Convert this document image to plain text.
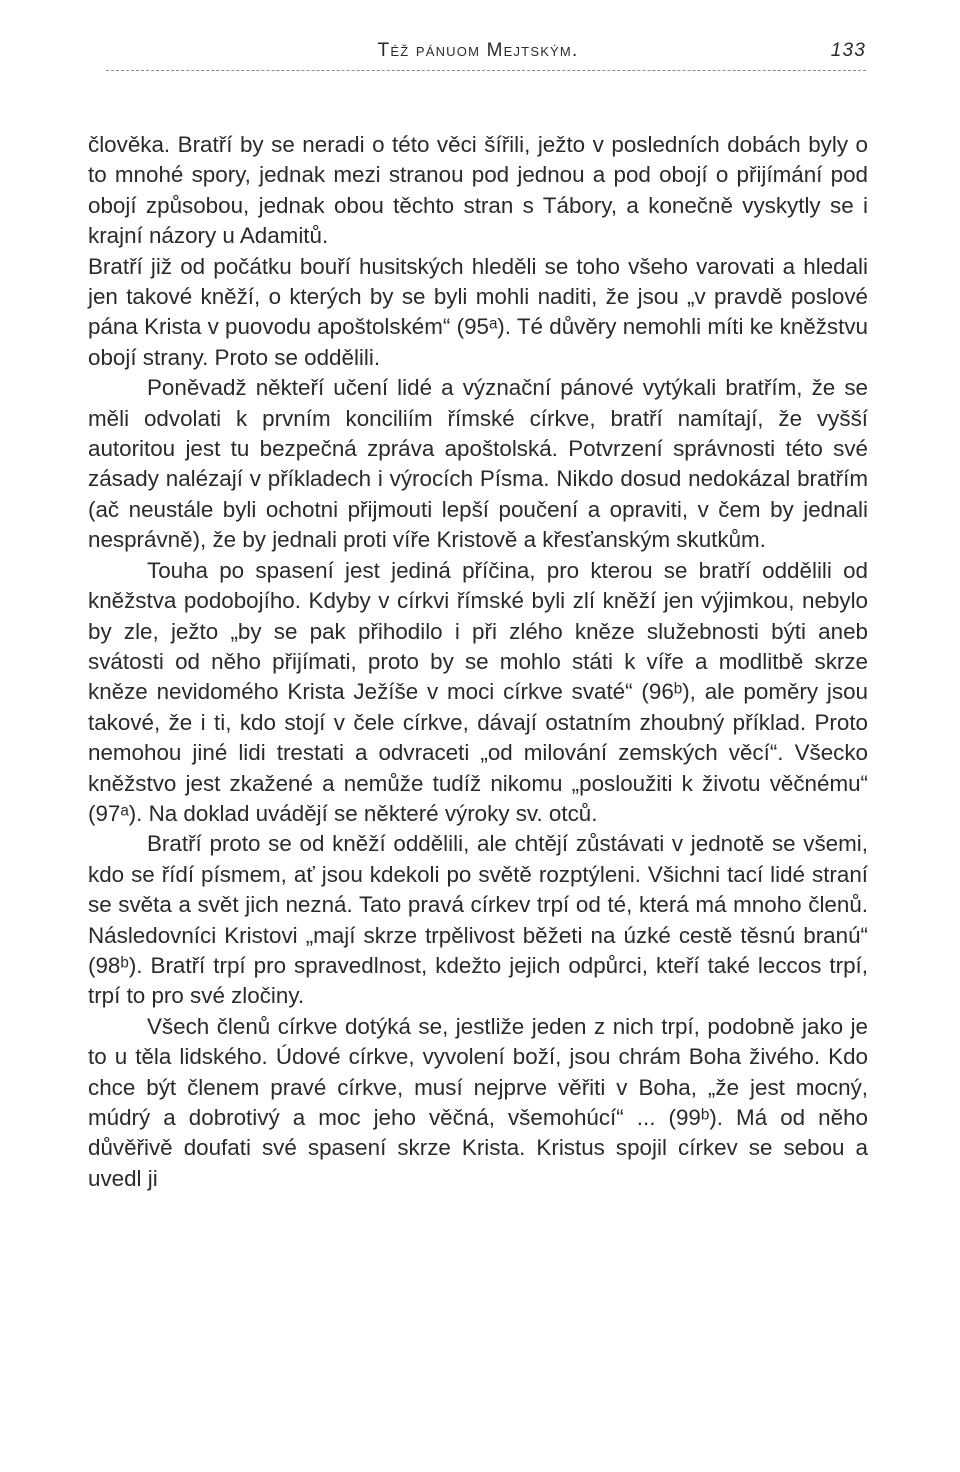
Též pánuom Mejtským.	133

člověka. Bratří by se neradi o této věci šířili, ježto v posledních dobách byly o to mnohé spory, jednak mezi stranou pod jednou a pod obojí o přijímání pod obojí způsobou, jednak obou těchto stran s Tábory, a konečně vyskytly se i krajní názory u Adamitů.

Bratří již od počátku bouří husitských hleděli se toho všeho varovati a hledali jen takové kněží, o kterých by se byli mohli naditi, že jsou „v pravdě poslové pána Krista v puovodu apoštolském“ (95ᵃ). Té důvěry nemohli míti ke kněžstvu obojí strany. Proto se oddělili.

Poněvadž někteří učení lidé a význační pánové vytýkali bratřím, že se měli odvolati k prvním konciliím římské církve, bratří namítají, že vyšší autoritou jest tu bezpečná zpráva apoštolská. Potvrzení správnosti této své zásady nalézají v příkladech i výrocích Písma. Nikdo dosud nedokázal bratřím (ač neustále byli ochotni přijmouti lepší poučení a opraviti, v čem by jednali nesprávně), že by jednali proti víře Kristově a křesťanským skutkům.

Touha po spasení jest jediná příčina, pro kterou se bratří oddělili od kněžstva podobojího. Kdyby v církvi římské byli zlí kněží jen výjimkou, nebylo by zle, ježto „by se pak přihodilo i při zlého kněze služebnosti býti aneb svátosti od něho přijímati, proto by se mohlo státi k víře a modlitbě skrze kněze nevidomého Krista Ježíše v moci církve svaté“ (96ᵇ), ale poměry jsou takové, že i ti, kdo stojí v čele církve, dávají ostatním zhoubný příklad. Proto nemohou jiné lidi trestati a odvraceti „od milování zemských věcí“. Všecko kněžstvo jest zkažené a nemůže tudíž nikomu „posloužiti k životu věčnému“ (97ᵃ). Na doklad uvádějí se některé výroky sv. otců.

Bratří proto se od kněží oddělili, ale chtějí zůstávati v jednotě se všemi, kdo se řídí písmem, ať jsou kdekoli po světě rozptýleni. Všichni tací lidé straní se světa a svět jich nezná. Tato pravá církev trpí od té, která má mnoho členů. Následovníci Kristovi „mají skrze trpělivost běžeti na úzké cestě těsnú branú“ (98ᵇ). Bratří trpí pro spravedlnost, kdežto jejich odpůrci, kteří také leccos trpí, trpí to pro své zločiny.

Všech členů církve dotýká se, jestliže jeden z nich trpí, podobně jako je to u těla lidského. Údové církve, vyvolení boží, jsou chrám Boha živého. Kdo chce být členem pravé církve, musí nejprve věřiti v Boha, „že jest mocný, múdrý a dobrotivý a moc jeho věčná, všemohúcí“ ... (99ᵇ). Má od něho důvěřivě doufati své spasení skrze Krista. Kristus spojil církev se sebou a uvedl ji
